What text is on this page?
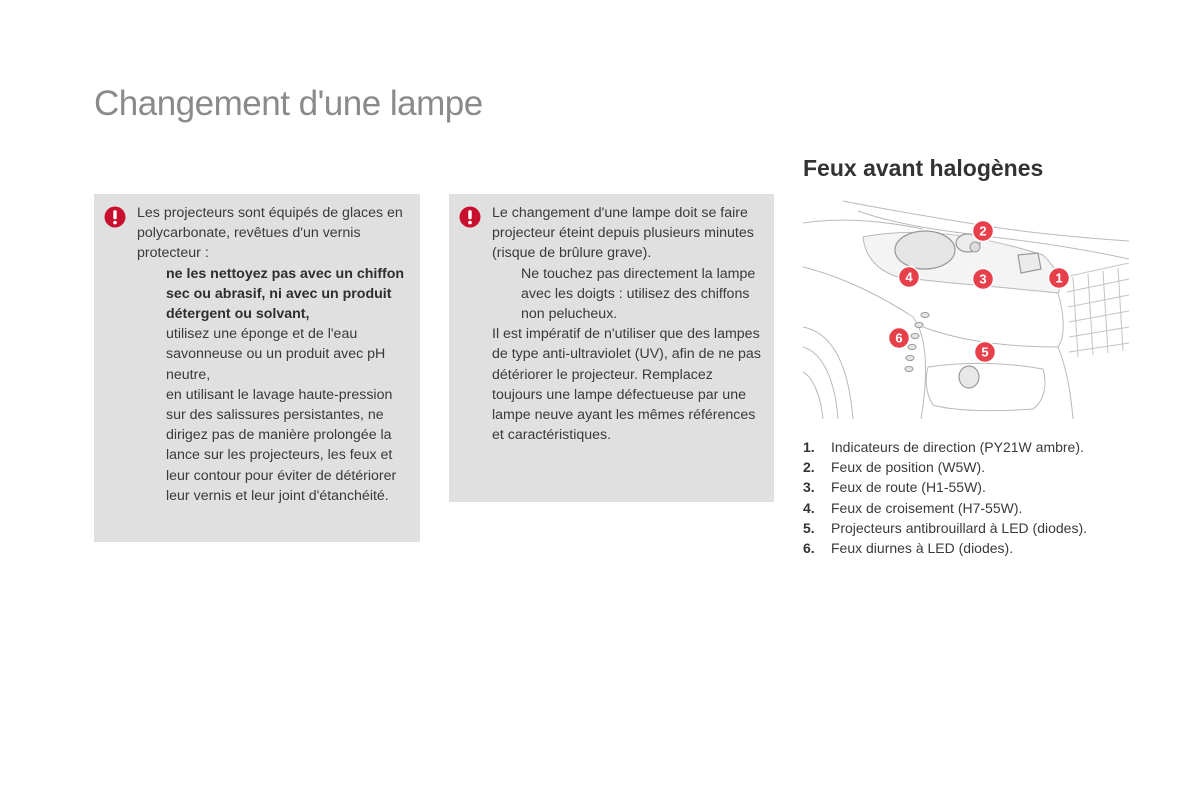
Changement d'une lampe

Les projecteurs sont équipés de glaces en polycarbonate, revêtues d'un vernis protecteur :

ne les nettoyez pas avec un chiffon sec ou abrasif, ni avec un produit détergent ou solvant,
utilisez une éponge et de l'eau savonneuse ou un produit avec pH neutre,
en utilisant le lavage haute-pression sur des salissures persistantes, ne dirigez pas de manière prolongée la lance sur les projecteurs, les feux et leur contour pour éviter de détériorer leur vernis et leur joint d'étanchéité.

Le changement d'une lampe doit se faire projecteur éteint depuis plusieurs minutes (risque de brûlure grave).

Ne touchez pas directement la lampe avec les doigts : utilisez des chiffons non pelucheux.

Il est impératif de n'utiliser que des lampes de type anti-ultraviolet (UV), afin de ne pas détériorer le projecteur. Remplacez toujours une lampe défectueuse par une lampe neuve ayant les mêmes références et caractéristiques.

Feux avant halogènes
2
1
3
4
5
6
1. Indicateurs de direction (PY21W ambre).
2. Feux de position (W5W).
3. Feux de route (H1-55W).
4. Feux de croisement (H7-55W).
5. Projecteurs antibrouillard à LED (diodes).
6. Feux diurnes à LED (diodes).
